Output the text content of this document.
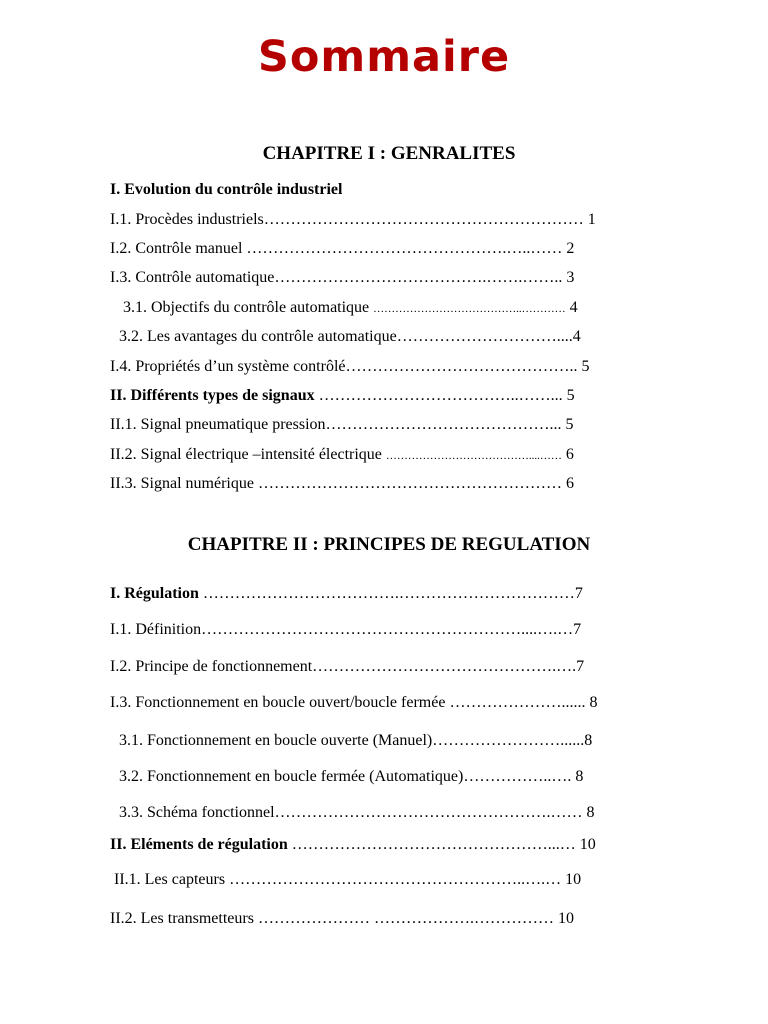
Sommaire
CHAPITRE I : GENRALITES
I. Evolution du contrôle industriel
I.1. Procèdes industriels…………………………………………………… 1
I.2. Contrôle manuel ………………………………………….…..…… 2
I.3. Contrôle automatique………………………………….…….…….. 3
3.1. Objectifs du contrôle automatique …………………………………..………… 4
3.2. Les avantages du contrôle automatique…………………………....4
I.4. Propriétés d’un système contrôlé…………………………………….. 5
II. Différents types de signaux ………………………………..……... 5
II.1. Signal pneumatique pression……………………………………... 5
II.2. Signal électrique –intensité électrique …………………………………....…… 6
II.3. Signal numérique ………………………………………………… 6
CHAPITRE II : PRINCIPES DE REGULATION
I. Régulation ……………………………….……………………………7
I.1. Définition……………………………………………………....….…7
I.2. Principe de fonctionnement……………………………………….….7
I.3. Fonctionnement en boucle ouvert/boucle fermée …………………...... 8
3.1. Fonctionnement en boucle ouverte (Manuel)……………………......8
3.2. Fonctionnement en boucle fermée (Automatique)……………..…. 8
3.3. Schéma fonctionnel…………………………………………….…… 8
II. Eléments de régulation …………………………………………...… 10
II.1. Les capteurs ………………………………………………..….… 10
II.2. Les transmetteurs ………………… ……………….…………… 10
